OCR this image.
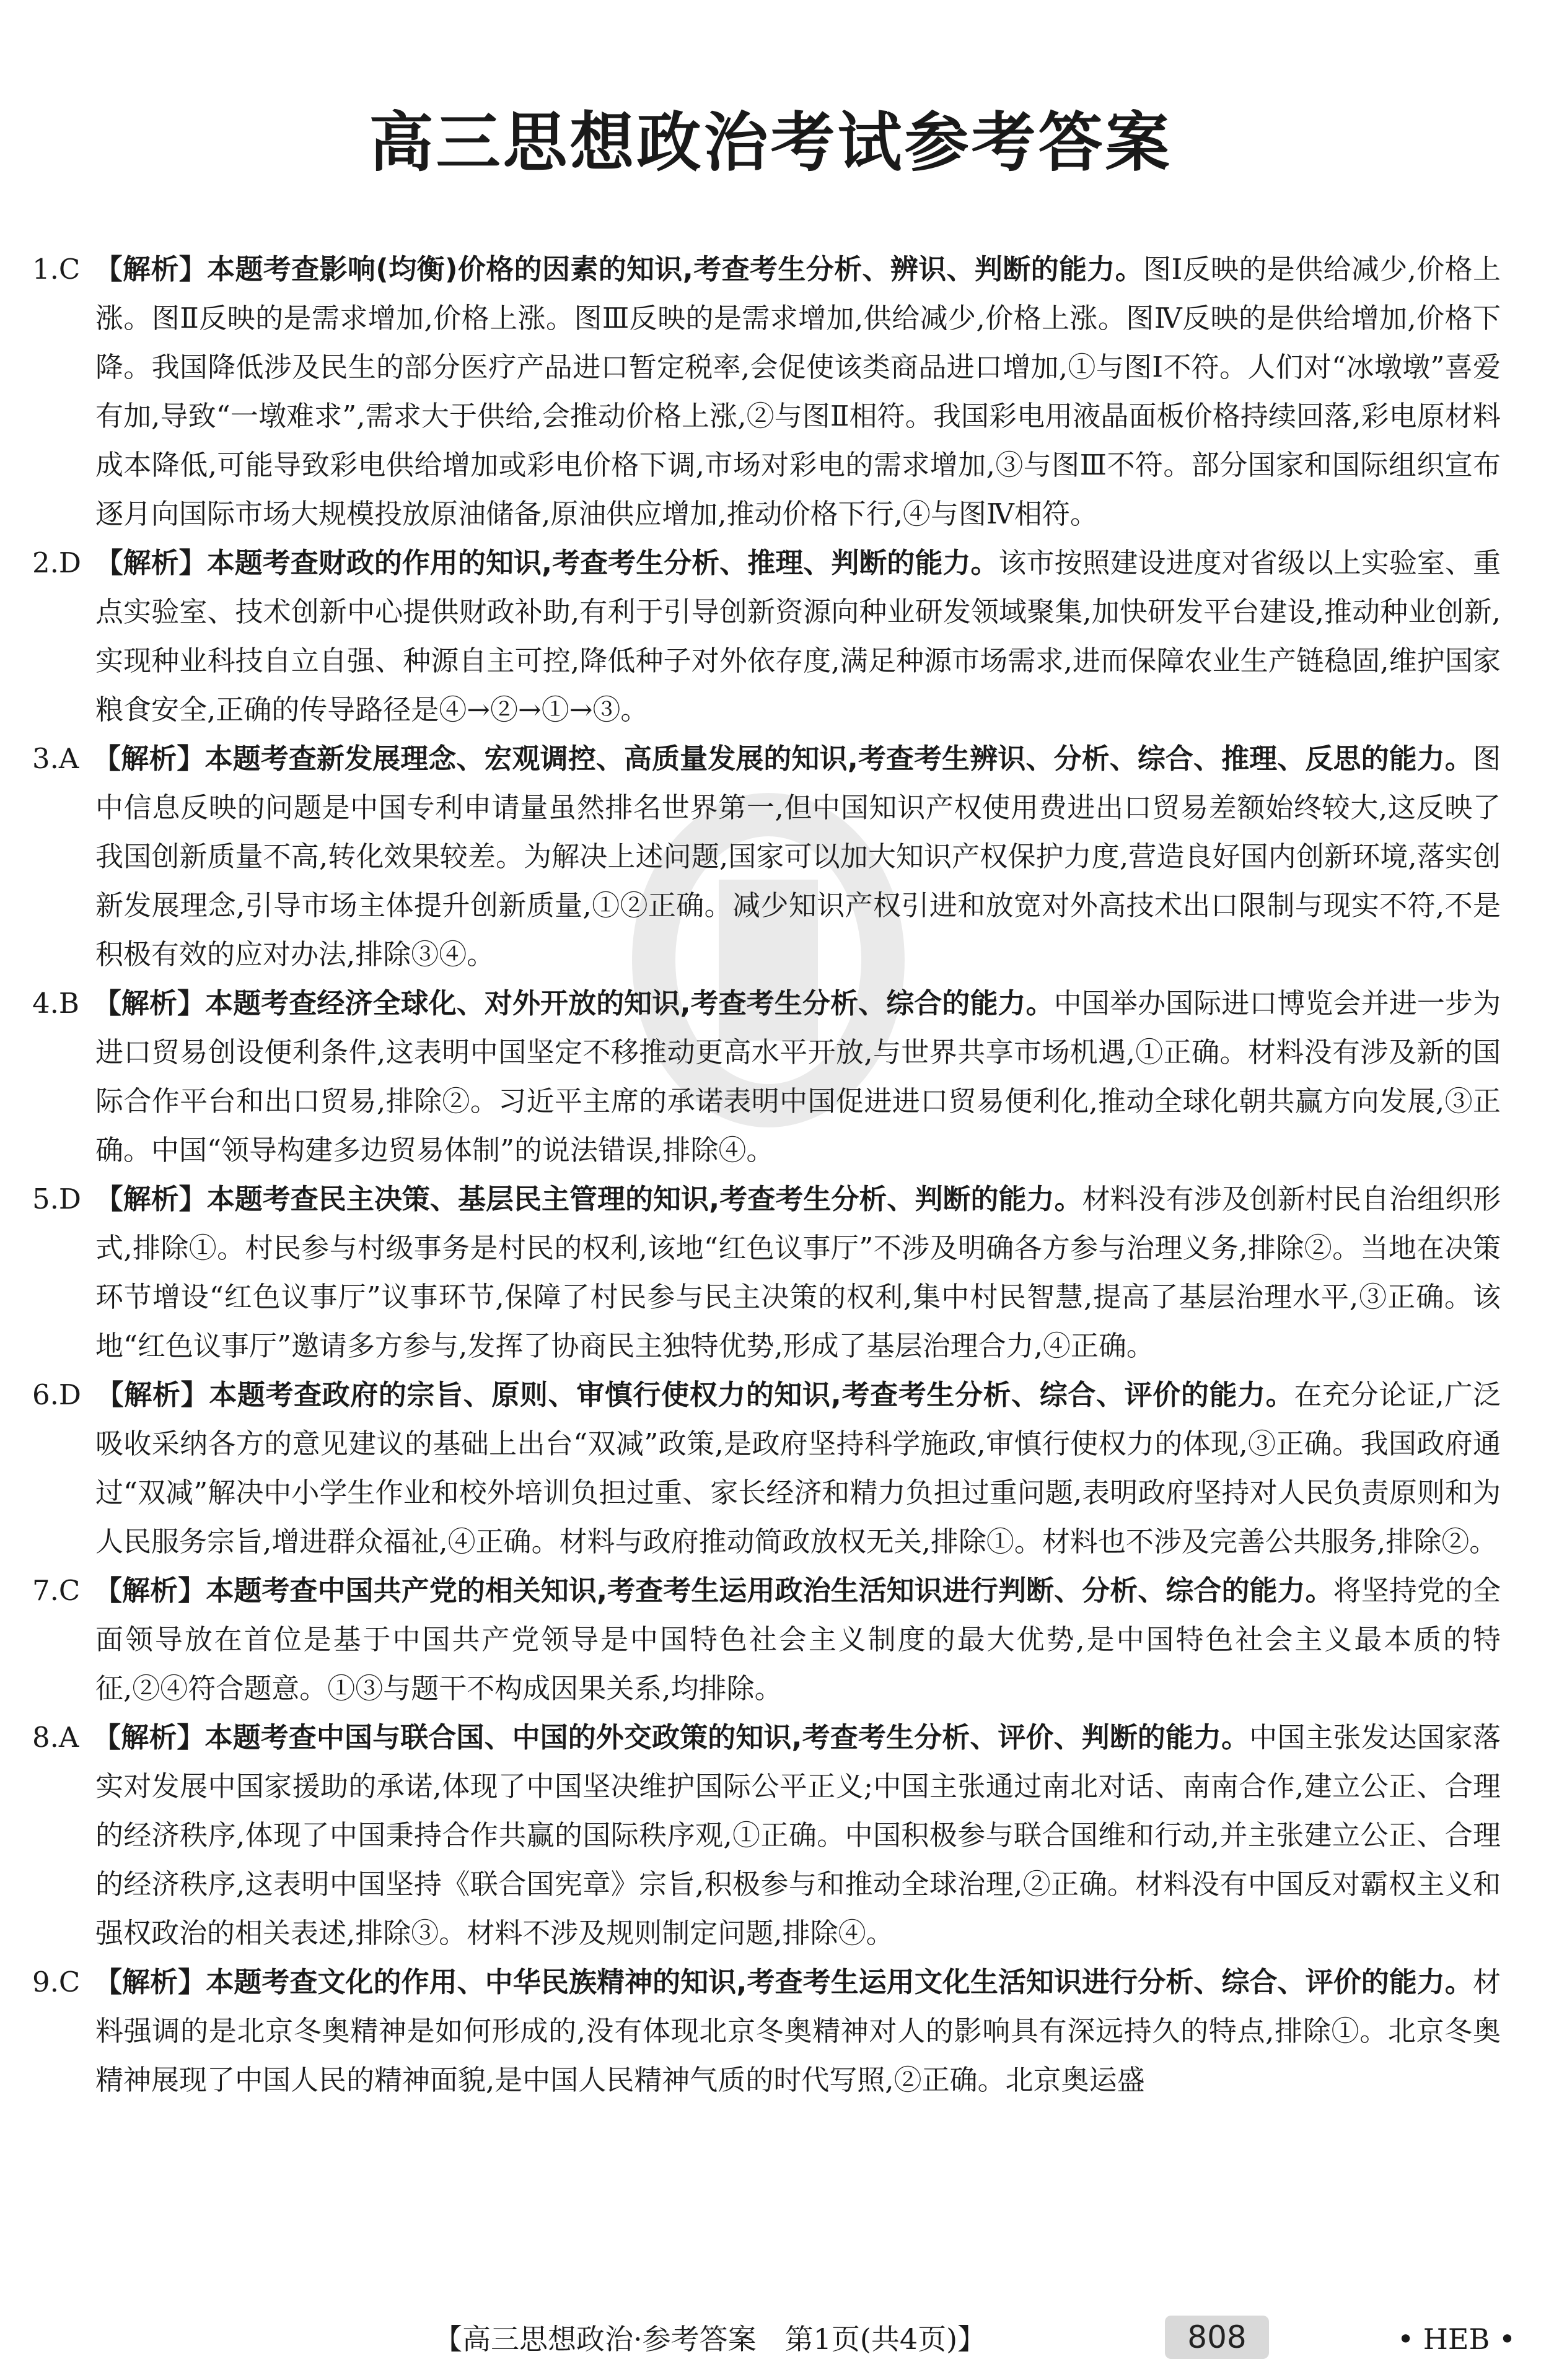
高三思想政治考试参考答案

1.C　 【解析】本题考查影响(均衡)价格的因素的知识,考查考生分析、辨识、判断的能力。图Ⅰ反映的是供给减少,价格上涨。图Ⅱ反映的是需求增加,价格上涨。图Ⅲ反映的是需求增加,供给减少,价格上涨。图Ⅳ反映的是供给增加,价格下降。我国降低涉及民生的部分医疗产品进口暂定税率,会促使该类商品进口增加,①与图Ⅰ不符。人们对“冰墩墩”喜爱有加,导致“一墩难求”,需求大于供给,会推动价格上涨,②与图Ⅱ相符。我国彩电用液晶面板价格持续回落,彩电原材料成本降低,可能导致彩电供给增加或彩电价格下调,市场对彩电的需求增加,③与图Ⅲ不符。部分国家和国际组织宣布逐月向国际市场大规模投放原油储备,原油供应增加,推动价格下行,④与图Ⅳ相符。

2.D　 【解析】本题考查财政的作用的知识,考查考生分析、推理、判断的能力。该市按照建设进度对省级以上实验室、重点实验室、技术创新中心提供财政补助,有利于引导创新资源向种业研发领域聚集,加快研发平台建设,推动种业创新,实现种业科技自立自强、种源自主可控,降低种子对外依存度,满足种源市场需求,进而保障农业生产链稳固,维护国家粮食安全,正确的传导路径是④→②→①→③。

3.A　 【解析】本题考查新发展理念、宏观调控、高质量发展的知识,考查考生辨识、分析、综合、推理、反思的能力。图中信息反映的问题是中国专利申请量虽然排名世界第一,但中国知识产权使用费进出口贸易差额始终较大,这反映了我国创新质量不高,转化效果较差。为解决上述问题,国家可以加大知识产权保护力度,营造良好国内创新环境,落实创新发展理念,引导市场主体提升创新质量,①②正确。减少知识产权引进和放宽对外高技术出口限制与现实不符,不是积极有效的应对办法,排除③④。

4.B　 【解析】本题考查经济全球化、对外开放的知识,考查考生分析、综合的能力。中国举办国际进口博览会并进一步为进口贸易创设便利条件,这表明中国坚定不移推动更高水平开放,与世界共享市场机遇,①正确。材料没有涉及新的国际合作平台和出口贸易,排除②。习近平主席的承诺表明中国促进进口贸易便利化,推动全球化朝共赢方向发展,③正确。中国“领导构建多边贸易体制”的说法错误,排除④。

5.D　 【解析】本题考查民主决策、基层民主管理的知识,考查考生分析、判断的能力。材料没有涉及创新村民自治组织形式,排除①。村民参与村级事务是村民的权利,该地“红色议事厅”不涉及明确各方参与治理义务,排除②。当地在决策环节增设“红色议事厅”议事环节,保障了村民参与民主决策的权利,集中村民智慧,提高了基层治理水平,③正确。该地“红色议事厅”邀请多方参与,发挥了协商民主独特优势,形成了基层治理合力,④正确。

6.D　 【解析】本题考查政府的宗旨、原则、审慎行使权力的知识,考查考生分析、综合、评价的能力。在充分论证,广泛吸收采纳各方的意见建议的基础上出台“双减”政策,是政府坚持科学施政,审慎行使权力的体现,③正确。我国政府通过“双减”解决中小学生作业和校外培训负担过重、家长经济和精力负担过重问题,表明政府坚持对人民负责原则和为人民服务宗旨,增进群众福祉,④正确。材料与政府推动简政放权无关,排除①。材料也不涉及完善公共服务,排除②。

7.C　 【解析】本题考查中国共产党的相关知识,考查考生运用政治生活知识进行判断、分析、综合的能力。将坚持党的全面领导放在首位是基于中国共产党领导是中国特色社会主义制度的最大优势,是中国特色社会主义最本质的特征,②④符合题意。①③与题干不构成因果关系,均排除。

8.A　 【解析】本题考查中国与联合国、中国的外交政策的知识,考查考生分析、评价、判断的能力。中国主张发达国家落实对发展中国家援助的承诺,体现了中国坚决维护国际公平正义;中国主张通过南北对话、南南合作,建立公正、合理的经济秩序,体现了中国秉持合作共赢的国际秩序观,①正确。中国积极参与联合国维和行动,并主张建立公正、合理的经济秩序,这表明中国坚持《联合国宪章》宗旨,积极参与和推动全球治理,②正确。材料没有中国反对霸权主义和强权政治的相关表述,排除③。材料不涉及规则制定问题,排除④。

9.C　 【解析】本题考查文化的作用、中华民族精神的知识,考查考生运用文化生活知识进行分析、综合、评价的能力。材料强调的是北京冬奥精神是如何形成的,没有体现北京冬奥精神对人的影响具有深远持久的特点,排除①。北京冬奥精神展现了中国人民的精神面貌,是中国人民精神气质的时代写照,②正确。北京奥运盛

【高三思想政治·参考答案　第1页(共4页)】	808	• HEB •
